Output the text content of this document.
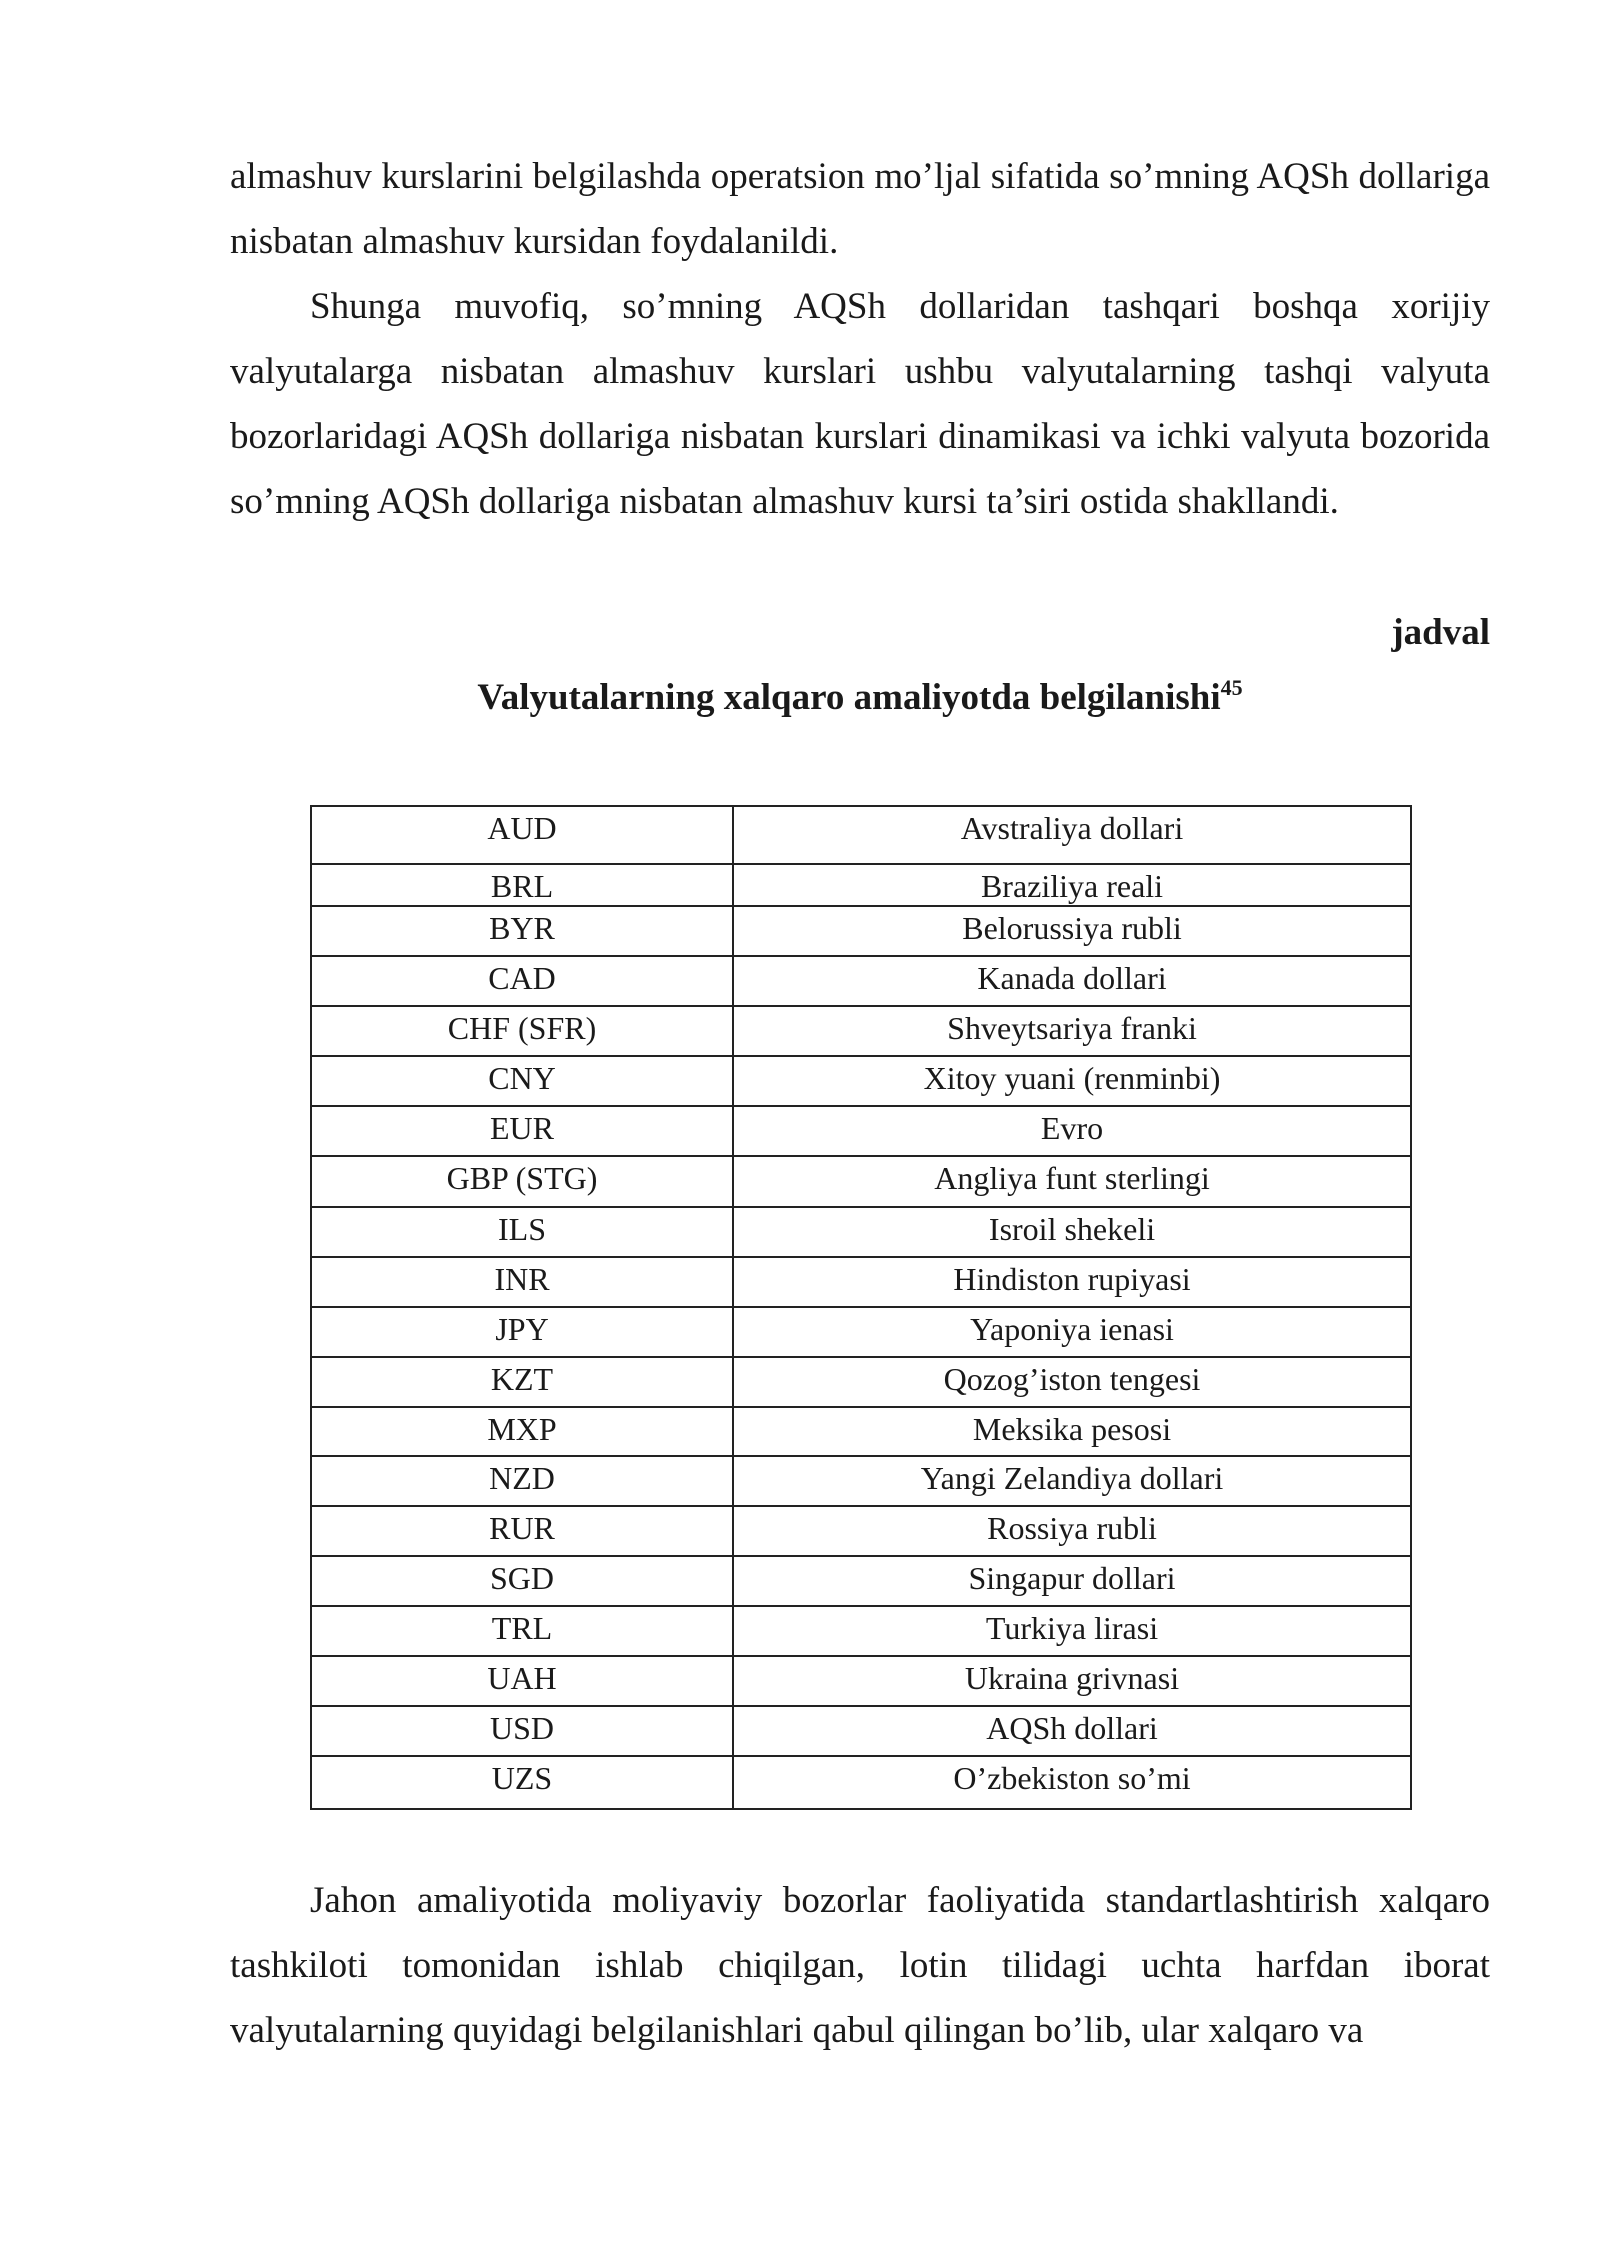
almashuv kurslarini belgilashda operatsion mo’ljal sifatida so’mning AQSh dollariga nisbatan almashuv kursidan foydalanildi.

Shunga muvofiq, so’mning AQSh dollaridan tashqari boshqa xorijiy valyutalarga nisbatan almashuv kurslari ushbu valyutalarning tashqi valyuta bozorlaridagi AQSh dollariga nisbatan kurslari dinamikasi va ichki valyuta bozorida so’mning AQSh dollariga nisbatan almashuv kursi ta’siri ostida shakllandi.

jadval
Valyutalarning xalqaro amaliyotda belgilanishi$^{45}$
AUD	Avstraliya dollari
BRL	Braziliya reali
BYR	Belorussiya rubli
CAD	Kanada dollari
CHF (SFR)	Shveytsariya franki
CNY	Xitoy yuani (renminbi)
EUR	Evro
GBP (STG)	Angliya funt sterlingi
ILS	Isroil shekeli
INR	Hindiston rupiyasi
JPY	Yaponiya ienasi
KZT	Qozog’iston tengesi
MXP	Meksika pesosi
NZD	Yangi Zelandiya dollari
RUR	Rossiya rubli
SGD	Singapur dollari
TRL	Turkiya lirasi
UAH	Ukraina grivnasi
USD	AQSh dollari
UZS	O’zbekiston so’mi

Jahon amaliyotida moliyaviy bozorlar faoliyatida standartlashtirish xalqaro tashkiloti tomonidan ishlab chiqilgan, lotin tilidagi uchta harfdan iborat valyutalarning quyidagi belgilanishlari qabul qilingan bo’lib, ular xalqaro va
